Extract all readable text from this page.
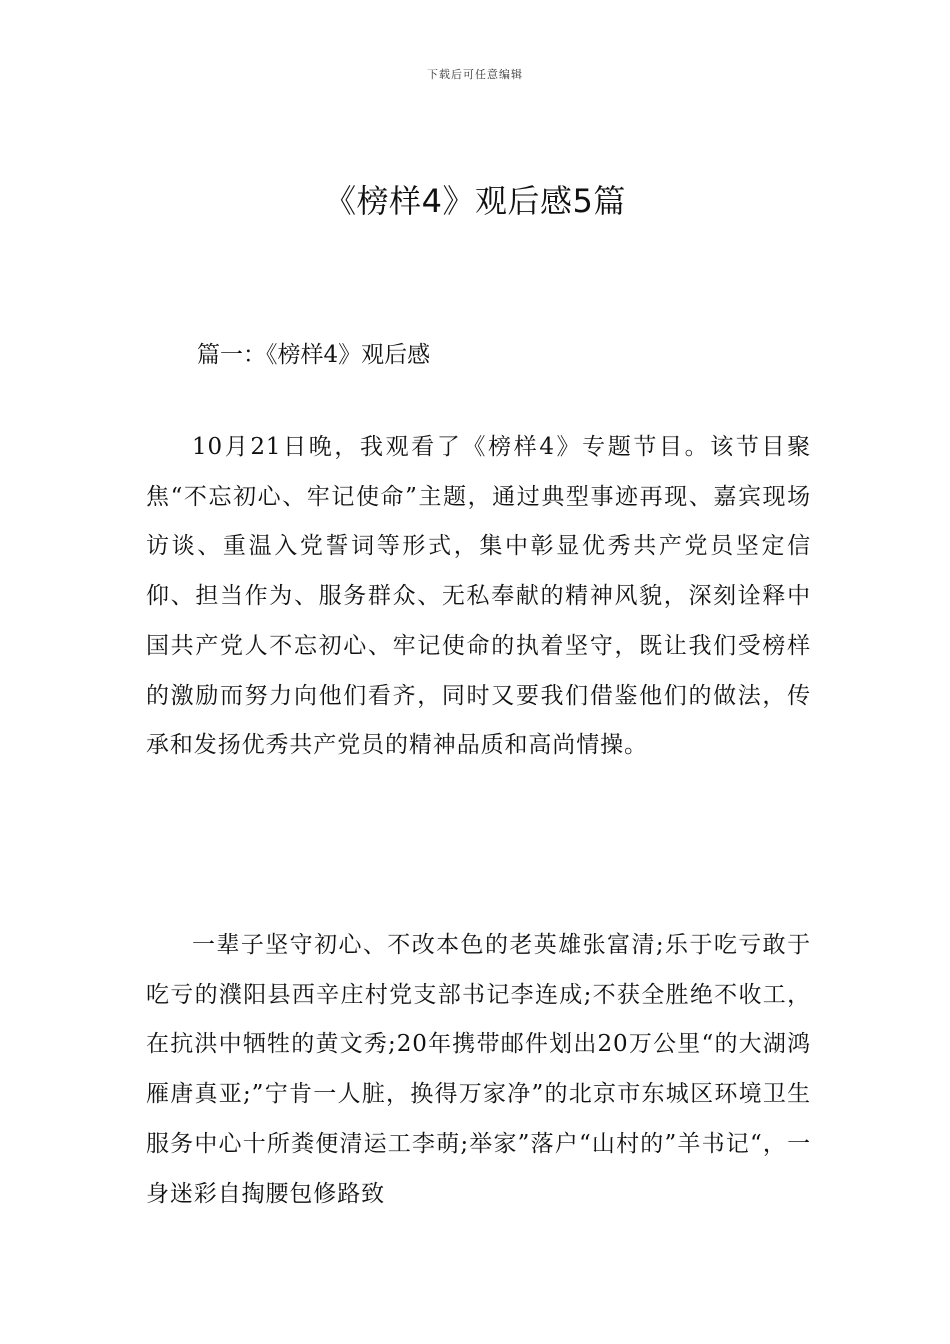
下载后可任意编辑
《榜样4》观后感5篇
篇一：《榜样4》观后感

10月21日晚，我观看了《榜样4》专题节目。该节目聚焦“不忘初心、牢记使命”主题，通过典型事迹再现、嘉宾现场访谈、重温入党誓词等形式，集中彰显优秀共产党员坚定信仰、担当作为、服务群众、无私奉献的精神风貌，深刻诠释中国共产党人不忘初心、牢记使命的执着坚守，既让我们受榜样的激励而努力向他们看齐，同时又要我们借鉴他们的做法，传承和发扬优秀共产党员的精神品质和高尚情操。

一辈子坚守初心、不改本色的老英雄张富清;乐于吃亏敢于吃亏的濮阳县西辛庄村党支部书记李连成;不获全胜绝不收工，在抗洪中牺牲的黄文秀;20年携带邮件划出20万公里“的大湖鸿雁唐真亚;”宁肯一人脏，换得万家净”的北京市东城区环境卫生服务中心十所粪便清运工李萌;举家”落户“山村的”羊书记“，一身迷彩自掏腰包修路致
